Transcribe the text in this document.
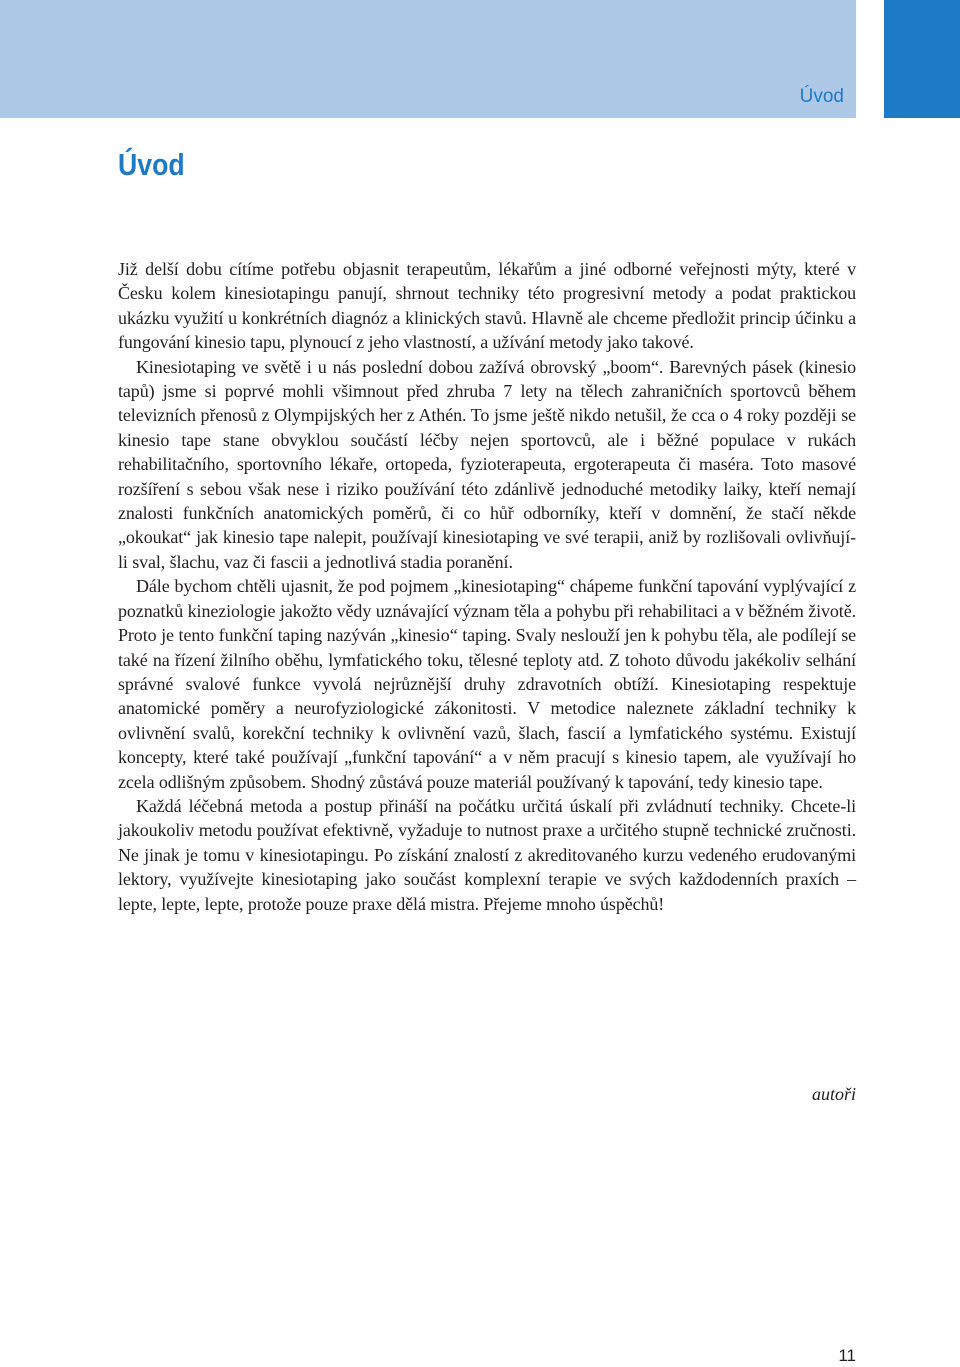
Úvod
Úvod

Již delší dobu cítíme potřebu objasnit terapeutům, lékařům a jiné odborné veřejnosti mýty, které v Česku kolem kinesiotapingu panují, shrnout techniky této progresivní metody a podat praktickou ukázku využití u konkrétních diagnóz a klinických stavů. Hlavně ale chceme předložit princip účinku a fungování kinesio tapu, plynoucí z jeho vlastností, a užívání metody jako takové.

Kinesiotaping ve světě i u nás poslední dobou zažívá obrovský „boom“. Barevných pásek (kinesio tapů) jsme si poprvé mohli všimnout před zhruba 7 lety na tělech zahraničních sportovců během televizních přenosů z Olympijských her z Athén. To jsme ještě nikdo netušil, že cca o 4 roky později se kinesio tape stane obvyklou součástí léčby nejen sportovců, ale i běžné populace v rukách rehabilitačního, sportovního lékaře, ortopeda, fyzioterapeuta, ergoterapeuta či maséra. Toto masové rozšíření s sebou však nese i riziko používání této zdánlivě jednoduché metodiky laiky, kteří nemají znalosti funkčních anatomických poměrů, či co hůř odborníky, kteří v domnění, že stačí někde „okoukat“ jak kinesio tape nalepit, používají kinesiotaping ve své terapii, aniž by rozlišovali ovlivňují-li sval, šlachu, vaz či fascii a jednotlivá stadia poranění.

Dále bychom chtěli ujasnit, že pod pojmem „kinesiotaping“ chápeme funkční tapování vyplývající z poznatků kineziologie jakožto vědy uznávající význam těla a pohybu při rehabilitaci a v běžném životě. Proto je tento funkční taping nazýván „kinesio“ taping. Svaly neslouží jen k pohybu těla, ale podílejí se také na řízení žilního oběhu, lymfatického toku, tělesné teploty atd. Z tohoto důvodu jakékoliv selhání správné svalové funkce vyvolá nejrůznější druhy zdravotních obtíží. Kinesiotaping respektuje anatomické poměry a neurofyziologické zákonitosti. V metodice naleznete základní techniky k ovlivnění svalů, korekční techniky k ovlivnění vazů, šlach, fascií a lymfatického systému. Existují koncepty, které také používají „funkční tapování“ a v něm pracují s kinesio tapem, ale využívají ho zcela odlišným způsobem. Shodný zůstává pouze materiál používaný k tapování, tedy kinesio tape.

Každá léčebná metoda a postup přináší na počátku určitá úskalí při zvládnutí techniky. Chcete-li jakoukoliv metodu používat efektivně, vyžaduje to nutnost praxe a určitého stupně technické zručnosti. Ne jinak je tomu v kinesiotapingu. Po získání znalostí z akreditovaného kurzu vedeného erudovanými lektory, využívejte kinesiotaping jako součást komplexní terapie ve svých každodenních praxích – lepte, lepte, lepte, protože pouze praxe dělá mistra. Přejeme mnoho úspěchů!

autoři
11
